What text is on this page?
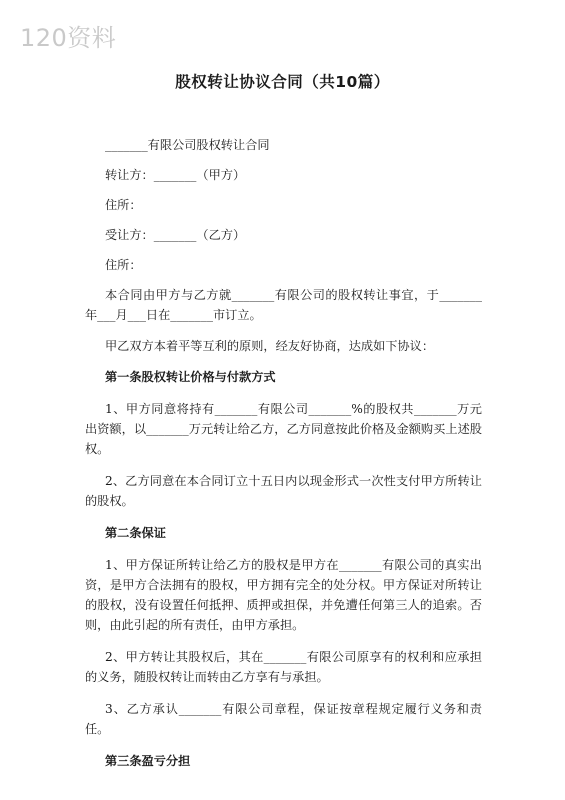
120资料
股权转让协议合同（共10篇）
_______有限公司股权转让合同
转让方：_______（甲方）
住所：
受让方：_______（乙方）
住所：

本合同由甲方与乙方就_______有限公司的股权转让事宜，于_______年___月___日在_______市订立。

甲乙双方本着平等互利的原则，经友好协商，达成如下协议：

第一条股权转让价格与付款方式

1、甲方同意将持有_______有限公司_______%的股权共_______万元出资额，以_______万元转让给乙方，乙方同意按此价格及金额购买上述股权。

2、乙方同意在本合同订立十五日内以现金形式一次性支付甲方所转让的股权。

第二条保证

1、甲方保证所转让给乙方的股权是甲方在_______有限公司的真实出资，是甲方合法拥有的股权，甲方拥有完全的处分权。甲方保证对所转让的股权，没有设置任何抵押、质押或担保，并免遭任何第三人的追索。否则，由此引起的所有责任，由甲方承担。

2、甲方转让其股权后，其在_______有限公司原享有的权利和应承担的义务，随股权转让而转由乙方享有与承担。

3、乙方承认_______有限公司章程，保证按章程规定履行义务和责任。

第三条盈亏分担
